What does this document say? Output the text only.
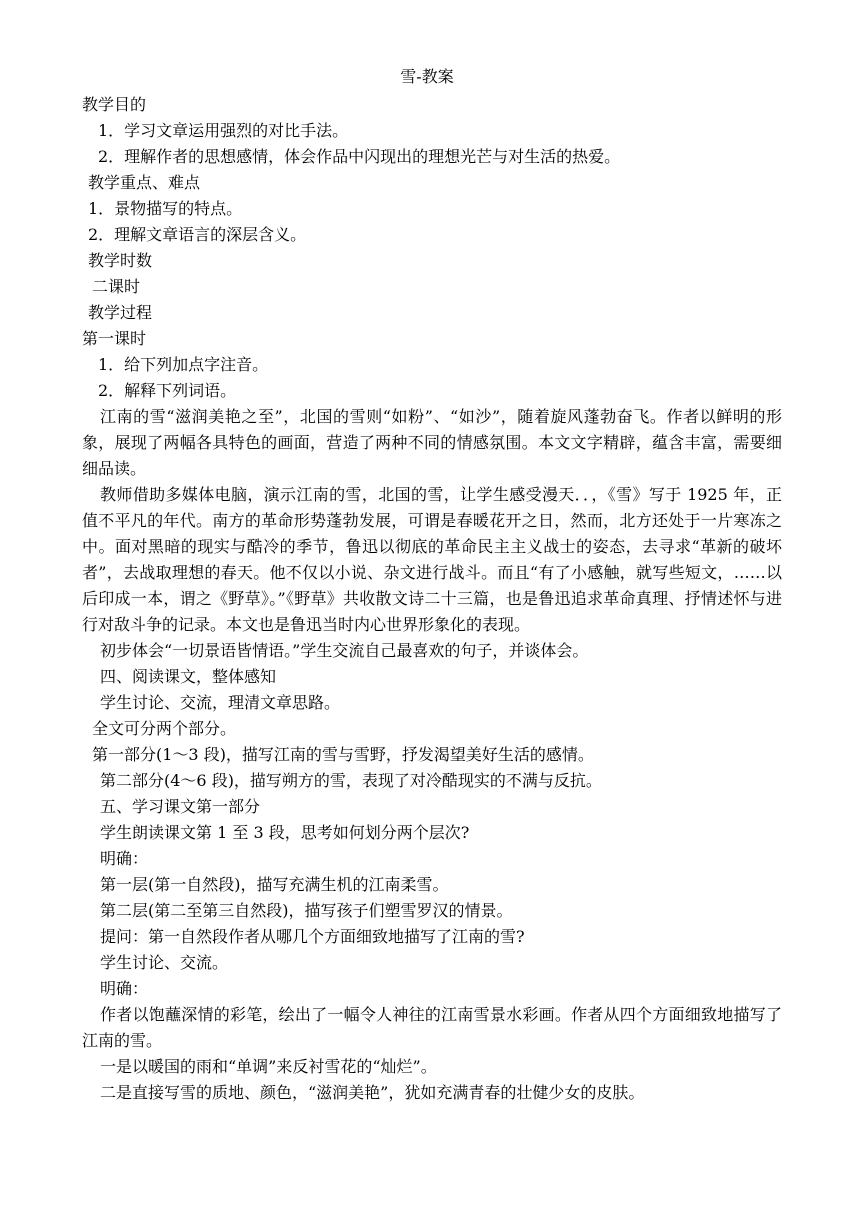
雪-教案
教学目的
1．学习文章运用强烈的对比手法。
2．理解作者的思想感情，体会作品中闪现出的理想光芒与对生活的热爱。
教学重点、难点
1．景物描写的特点。
2．理解文章语言的深层含义。
教学时数
二课时
教学过程
第一课时
1．给下列加点字注音。
2．解释下列词语。
江南的雪“滋润美艳之至”，北国的雪则“如粉”、“如沙”，随着旋风蓬勃奋飞。作者以鲜明的形象，展现了两幅各具特色的画面，营造了两种不同的情感氛围。本文文字精辟，蕴含丰富，需要细细品读。
教师借助多媒体电脑，演示江南的雪，北国的雪，让学生感受漫天．．，《雪》写于 1925 年，正值不平凡的年代。南方的革命形势蓬勃发展，可谓是春暖花开之日，然而，北方还处于一片寒冻之中。面对黑暗的现实与酷冷的季节，鲁迅以彻底的革命民主主义战士的姿态，去寻求“革新的破坏者”，去战取理想的春天。他不仅以小说、杂文进行战斗。而且“有了小感触，就写些短文，……以后印成一本，谓之《野草》。”《野草》共收散文诗二十三篇，也是鲁迅追求革命真理、抒情述怀与进行对敌斗争的记录。本文也是鲁迅当时内心世界形象化的表现。
初步体会“一切景语皆情语。”学生交流自己最喜欢的句子，并谈体会。
四、阅读课文，整体感知
学生讨论、交流，理清文章思路。
全文可分两个部分。
第一部分(1～3 段)，描写江南的雪与雪野，抒发渴望美好生活的感情。
第二部分(4～6 段)，描写朔方的雪，表现了对冷酷现实的不满与反抗。
五、学习课文第一部分
学生朗读课文第 1 至 3 段，思考如何划分两个层次?
明确：
第一层(第一自然段)，描写充满生机的江南柔雪。
第二层(第二至第三自然段)，描写孩子们塑雪罗汉的情景。
提问：第一自然段作者从哪几个方面细致地描写了江南的雪?
学生讨论、交流。
明确：
作者以饱蘸深情的彩笔，绘出了一幅令人神往的江南雪景水彩画。作者从四个方面细致地描写了江南的雪。
一是以暖国的雨和“单调”来反衬雪花的“灿烂”。
二是直接写雪的质地、颜色，“滋润美艳”，犹如充满青春的壮健少女的皮肤。
